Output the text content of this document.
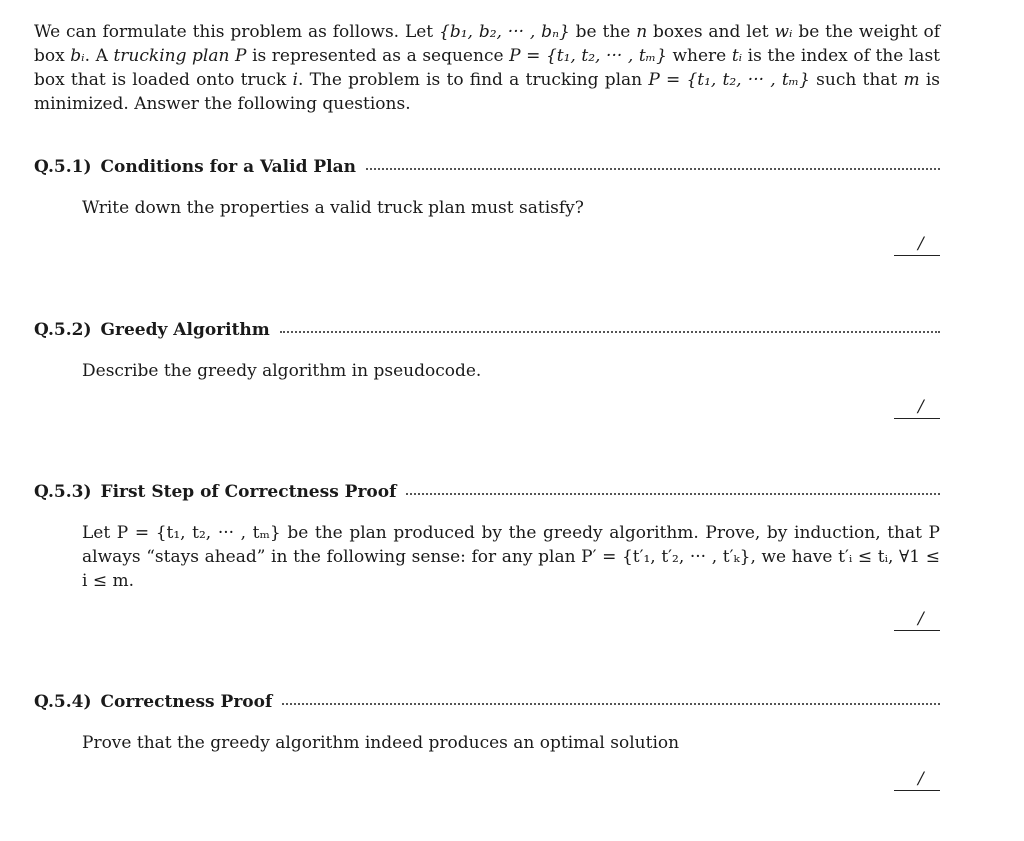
We can formulate this problem as follows. Let {b₁, b₂, ··· , bₙ} be the n boxes and let wᵢ be the weight of box bᵢ. A trucking plan P is represented as a sequence P = {t₁, t₂, ··· , tₘ} where tᵢ is the index of the last box that is loaded onto truck i. The problem is to find a trucking plan P = {t₁, t₂, ··· , tₘ} such that m is minimized. Answer the following questions.

Q.5.1) Conditions for a Valid Plan
Write down the properties a valid truck plan must satisfy?
/
Q.5.2) Greedy Algorithm
Describe the greedy algorithm in pseudocode.
/
Q.5.3) First Step of Correctness Proof
Let P = {t₁, t₂, ··· , tₘ} be the plan produced by the greedy algorithm. Prove, by induction, that P always “stays ahead” in the following sense: for any plan P′ = {t′₁, t′₂, ··· , t′ₖ}, we have t′ᵢ ≤ tᵢ, ∀1 ≤ i ≤ m.
/
Q.5.4) Correctness Proof
Prove that the greedy algorithm indeed produces an optimal solution
/
